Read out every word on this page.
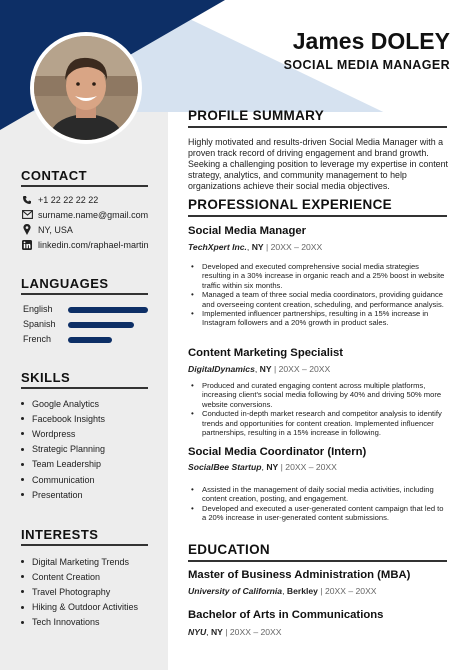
James DOLEY
SOCIAL MEDIA MANAGER
CONTACT
+1 22 22 22 22
surname.name@gmail.com
NY, USA
linkedin.com/raphael-martin
LANGUAGES
English
Spanish
French
SKILLS
Google Analytics
Facebook Insights
Wordpress
Strategic Planning
Team Leadership
Communication
Presentation
INTERESTS
Digital Marketing Trends
Content Creation
Travel Photography
Hiking & Outdoor Activities
Tech Innovations
PROFILE SUMMARY
Highly motivated and results-driven Social Media Manager with a proven track record of driving engagement and brand growth. Seeking a challenging position to leverage my expertise in content strategy, analytics, and community management to help organizations achieve their social media objectives.
PROFESSIONAL EXPERIENCE
Social Media Manager
TechXpert Inc., NY | 20XX – 20XX
• Developed and executed comprehensive social media strategies resulting in a 30% increase in organic reach and a 25% boost in website traffic within six months.
• Managed a team of three social media coordinators, providing guidance and overseeing content creation, scheduling, and performance analysis.
• Implemented influencer partnerships, resulting in a 15% increase in Instagram followers and a 20% growth in product sales.
Content Marketing Specialist
DigitalDynamics, NY | 20XX – 20XX
• Produced and curated engaging content across multiple platforms, increasing client's social media following by 40% and driving 50% more website conversions.
• Conducted in-depth market research and competitor analysis to identify trends and opportunities for content creation. Implemented influencer partnerships, resulting in a 15% increase in following.
Social Media Coordinator (Intern)
SocialBee Startup, NY | 20XX – 20XX
• Assisted in the management of daily social media activities, including content creation, posting, and engagement.
• Developed and executed a user-generated content campaign that led to a 20% increase in user-generated content submissions.
EDUCATION
Master of Business Administration (MBA)
University of California, Berkley | 20XX – 20XX
Bachelor of Arts in Communications
NYU, NY | 20XX – 20XX
